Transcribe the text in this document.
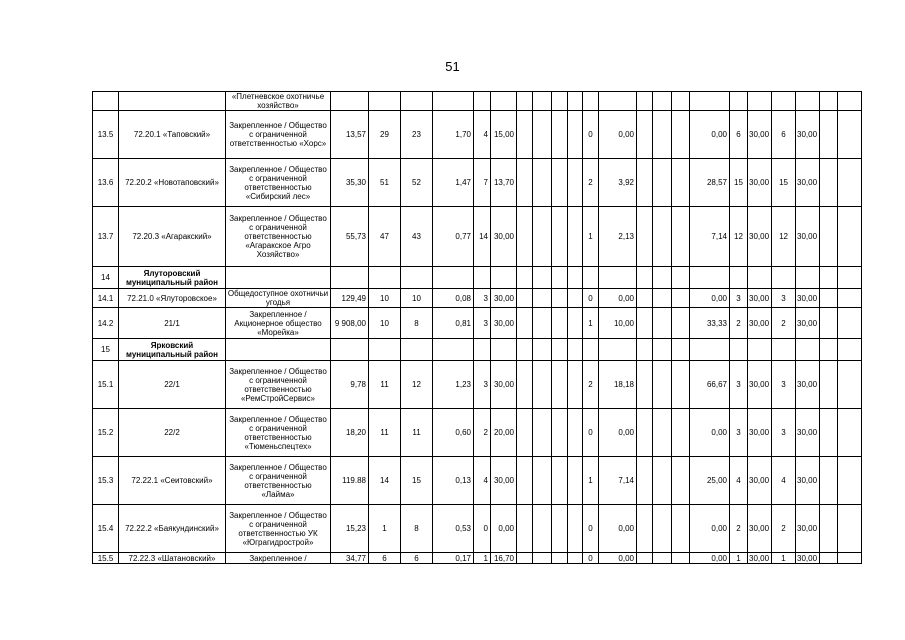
51
		«Плетневское охотничье хозяйство»																						
13.5	72.20.1 «Таповский»	Закрепленное / Общество с ограниченной ответственностью «Хорс»	13,57	29	23	1,70	4	15,00					0	0,00				0,00	6	30,00	6	30,00		
13.6	72.20.2 «Новотаповский»	Закрепленное / Общество с ограниченной ответственностью «Сибирский лес»	35,30	51	52	1,47	7	13,70					2	3,92				28,57	15	30,00	15	30,00		
13.7	72.20.3 «Агаракский»	Закрепленное / Общество с ограниченной ответственностью «Агаракское Агро Хозяйство»	55,73	47	43	0,77	14	30,00					1	2,13				7,14	12	30,00	12	30,00		
14	Ялуторовский муниципальный район																							
14.1	72.21.0 «Ялуторовское»	Общедоступное охотничьи угодья	129,49	10	10	0,08	3	30,00					0	0,00				0,00	3	30,00	3	30,00		
14.2	21/1	Закрепленное / Акционерное общество «Морейка»	9 908,00	10	8	0,81	3	30,00					1	10,00				33,33	2	30,00	2	30,00		
15	Ярковский муниципальный район																							
15.1	22/1	Закрепленное / Общество с ограниченной ответственностью «РемСтройСервис»	9,78	11	12	1,23	3	30,00					2	18,18				66,67	3	30,00	3	30,00		
15.2	22/2	Закрепленное / Общество с ограниченной ответственностью «Тюменьспецтех»	18,20	11	11	0,60	2	20,00					0	0,00				0,00	3	30,00	3	30,00		
15.3	72.22.1 «Сеитовский»	Закрепленное / Общество с ограниченной ответственностью «Лайма»	119.88	14	15	0,13	4	30,00					1	7,14				25,00	4	30,00	4	30,00		
15.4	72.22.2 «Баякундинский»	Закрепленное / Общество с ограниченной ответственностью УК «Юграгидрострой»	15,23	1	8	0,53	0	0,00					0	0,00				0,00	2	30,00	2	30,00		
15.5	72.22.3 «Шатановский»	Закрепленное /	34,77	6	6	0,17	1	16,70					0	0,00				0,00	1	30,00	1	30,00		
